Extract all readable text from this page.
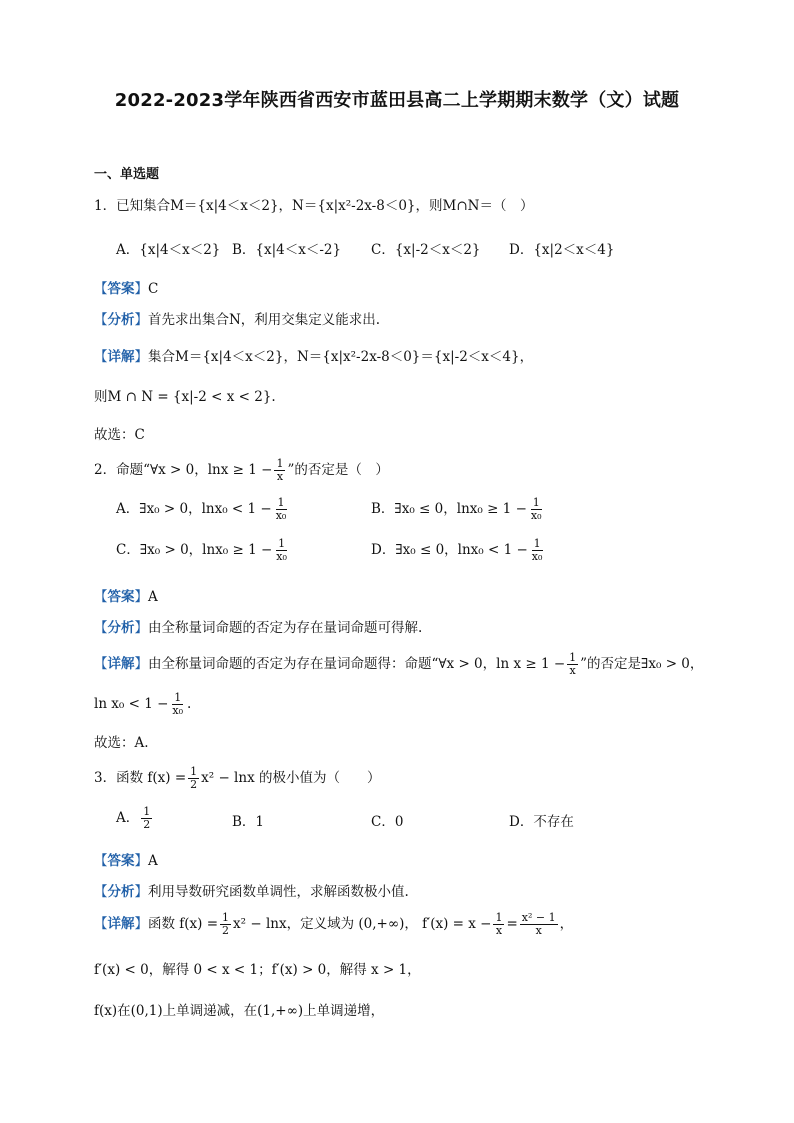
2022-2023学年陕西省西安市蓝田县高二上学期期末数学（文）试题
一、单选题
1．已知集合M＝{x|4＜x＜2}，N＝{x|x²-2x-8＜0}，则M∩N＝（　）
A．{x|4＜x＜2} B．{x|4＜x＜-2} C．{x|-2＜x＜2} D．{x|2＜x＜4}
【答案】C
【分析】首先求出集合N，利用交集定义能求出.
【详解】集合M＝{x|4＜x＜2}，N＝{x|x²-2x-8＜0}＝{x|-2＜x＜4}，
则M ∩ N = {x|-2 < x < 2}.
故选：C
2．命题“∀x > 0，$\ln x \ge 1 - \frac{1}{x}$ ”的否定是（　）
A．∃x₀ > 0，$\ln x_0 < 1 - \frac{1}{\text{x₀}}$	B．∃x₀ ≤ 0，$\ln x_0 \ge 1 - \frac{1}{\text{x₀}}$
C．∃x₀ > 0，$\ln x_0 \ge 1 - \frac{1}{\text{x₀}}$	D．∃x₀ ≤ 0，$\ln x_0 < 1 - \frac{1}{\text{x₀}}$
【答案】A
【分析】由全称量词命题的否定为存在量词命题可得解.
【详解】由全称量词命题的否定为存在量词命题得：命题“∀x > 0，$\ln x \ge 1 - \frac{1}{x}$ ”的否定是∃x₀ > 0，
$\ln x_0 < 1 - \frac{1}{\text{x₀}}$ .
故选：A.
3．函数 $f(x) = \frac{1}{2} x^2 - \ln x$ 的极小值为（　　）
A． $\frac{1}{2}$	B．1	C．0	D．不存在
【答案】A
【分析】利用导数研究函数单调性，求解函数极小值.
【详解】函数 $f(x) = \frac{1}{2} x^2 - \ln x$，定义域为 (0,+∞)， $f'(x) = x - \frac{1}{x} = \frac{\text{x² − 1}}{x}$ ，
f′(x) < 0，解得 0 < x < 1；f′(x) > 0，解得 x > 1，
f(x)在(0,1)上单调递减，在(1,+∞)上单调递增，
